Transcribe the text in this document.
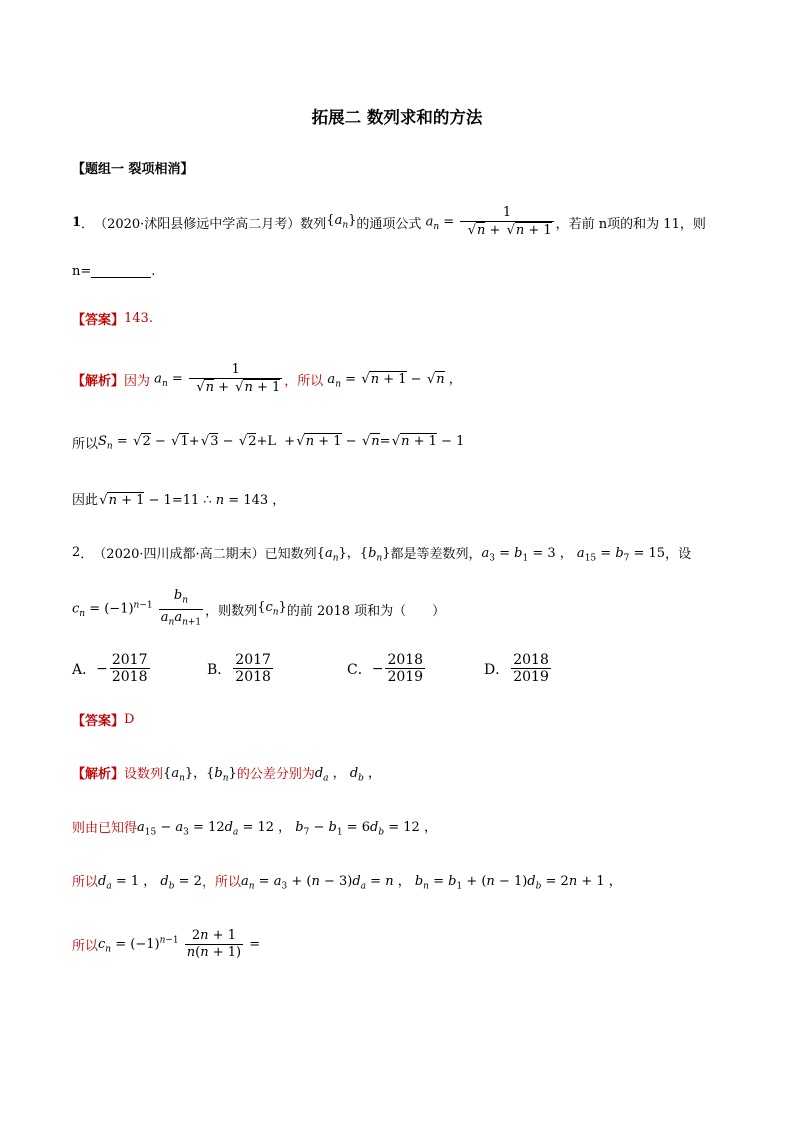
拓展二 数列求和的方法
【题组一 裂项相消】
1 ． （2020·沭阳县修远中学高二月考） 数列 $\{a_n\}$ 的通项公式 $a_n = 1$
√ n + √ n + 1 ，若前 n项的和为 11，则
n=	.
【答案】 143.
【解析】 因为 $a_n = 1$
√ n + √ n + 1 ，所以 $a_n$ =   √ n + 1 −   √ n ，
所以 $S_n$ =   √ 2 −   √ 1+  √ 3 −   √ 2+L  +  √ n + 1 −   √ n=  √ n + 1 − 1
因此
√ n + 1 − 1=11 ∴ n = 143 ，
2 ． （2020·四川成都·高二期末） 已知数列 $\{a_n\}$，$\{b_n\}$ 都是等差数列， $a_3 = b_1 = 3$ ， $a_{15} = b_7 = 15$ ，设
$c_n = (-1)^{n-1} \frac{b_n}{a_na_{n+1}}$ ，则数列 $\{c_n\}$ 的前 2018 项和为（　　）
A． − $\frac{2017}{2018}$	B． $\frac{2017}{2018}$	C． − $\frac{2018}{2019}$	D． $\frac{2018}{2019}$
【答案】 D
【解析】 设数列 $\{a_n\}$，$\{b_n\}$ 的公差分别为 $d_a$ ， $d_b$ ，
则由已知得 $a_{15} - a_3 = 12d_a = 12$ ， $b_7 - b_1 = 6d_b = 12$ ，
所以 $d_a = 1$ ， $d_b = 2$ ，所以 $a_n = a_3 + (n - 3)d_a = n$ ， $b_n = b_1 + (n - 1)d_b = 2n + 1$ ，
所以 $c_n = (-1)^{n-1} \frac{2n + 1}{n(n + 1)}$ =
